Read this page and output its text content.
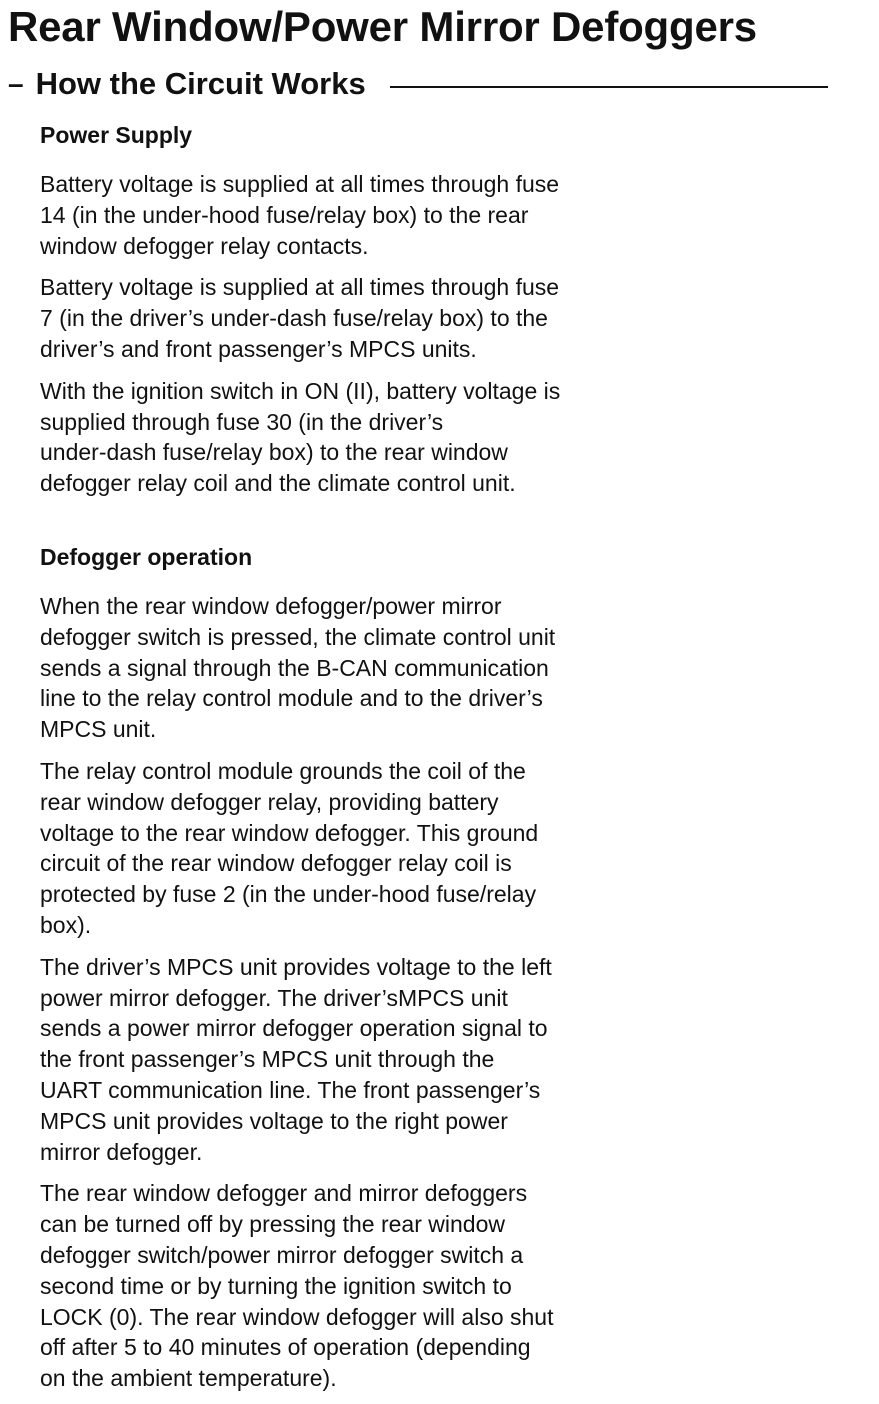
Rear Window/Power Mirror Defoggers
– How the Circuit Works
Power Supply

Battery voltage is supplied at all times through fuse
14 (in the under-hood fuse/relay box) to the rear
window defogger relay contacts.

Battery voltage is supplied at all times through fuse
7 (in the driver’s under-dash fuse/relay box) to the
driver’s and front passenger’s MPCS units.

With the ignition switch in ON (II), battery voltage is
supplied through fuse 30 (in the driver’s
under-dash fuse/relay box) to the rear window
defogger relay coil and the climate control unit.

Defogger operation

When the rear window defogger/power mirror
defogger switch is pressed, the climate control unit
sends a signal through the B-CAN communication
line to the relay control module and to the driver’s
MPCS unit.

The relay control module grounds the coil of the
rear window defogger relay, providing battery
voltage to the rear window defogger. This ground
circuit of the rear window defogger relay coil is
protected by fuse 2 (in the under-hood fuse/relay
box).

The driver’s MPCS unit provides voltage to the left
power mirror defogger. The driver’sMPCS unit
sends a power mirror defogger operation signal to
the front passenger’s MPCS unit through the
UART communication line. The front passenger’s
MPCS unit provides voltage to the right power
mirror defogger.

The rear window defogger and mirror defoggers
can be turned off by pressing the rear window
defogger switch/power mirror defogger switch a
second time or by turning the ignition switch to
LOCK (0). The rear window defogger will also shut
off after 5 to 40 minutes of operation (depending
on the ambient temperature).
